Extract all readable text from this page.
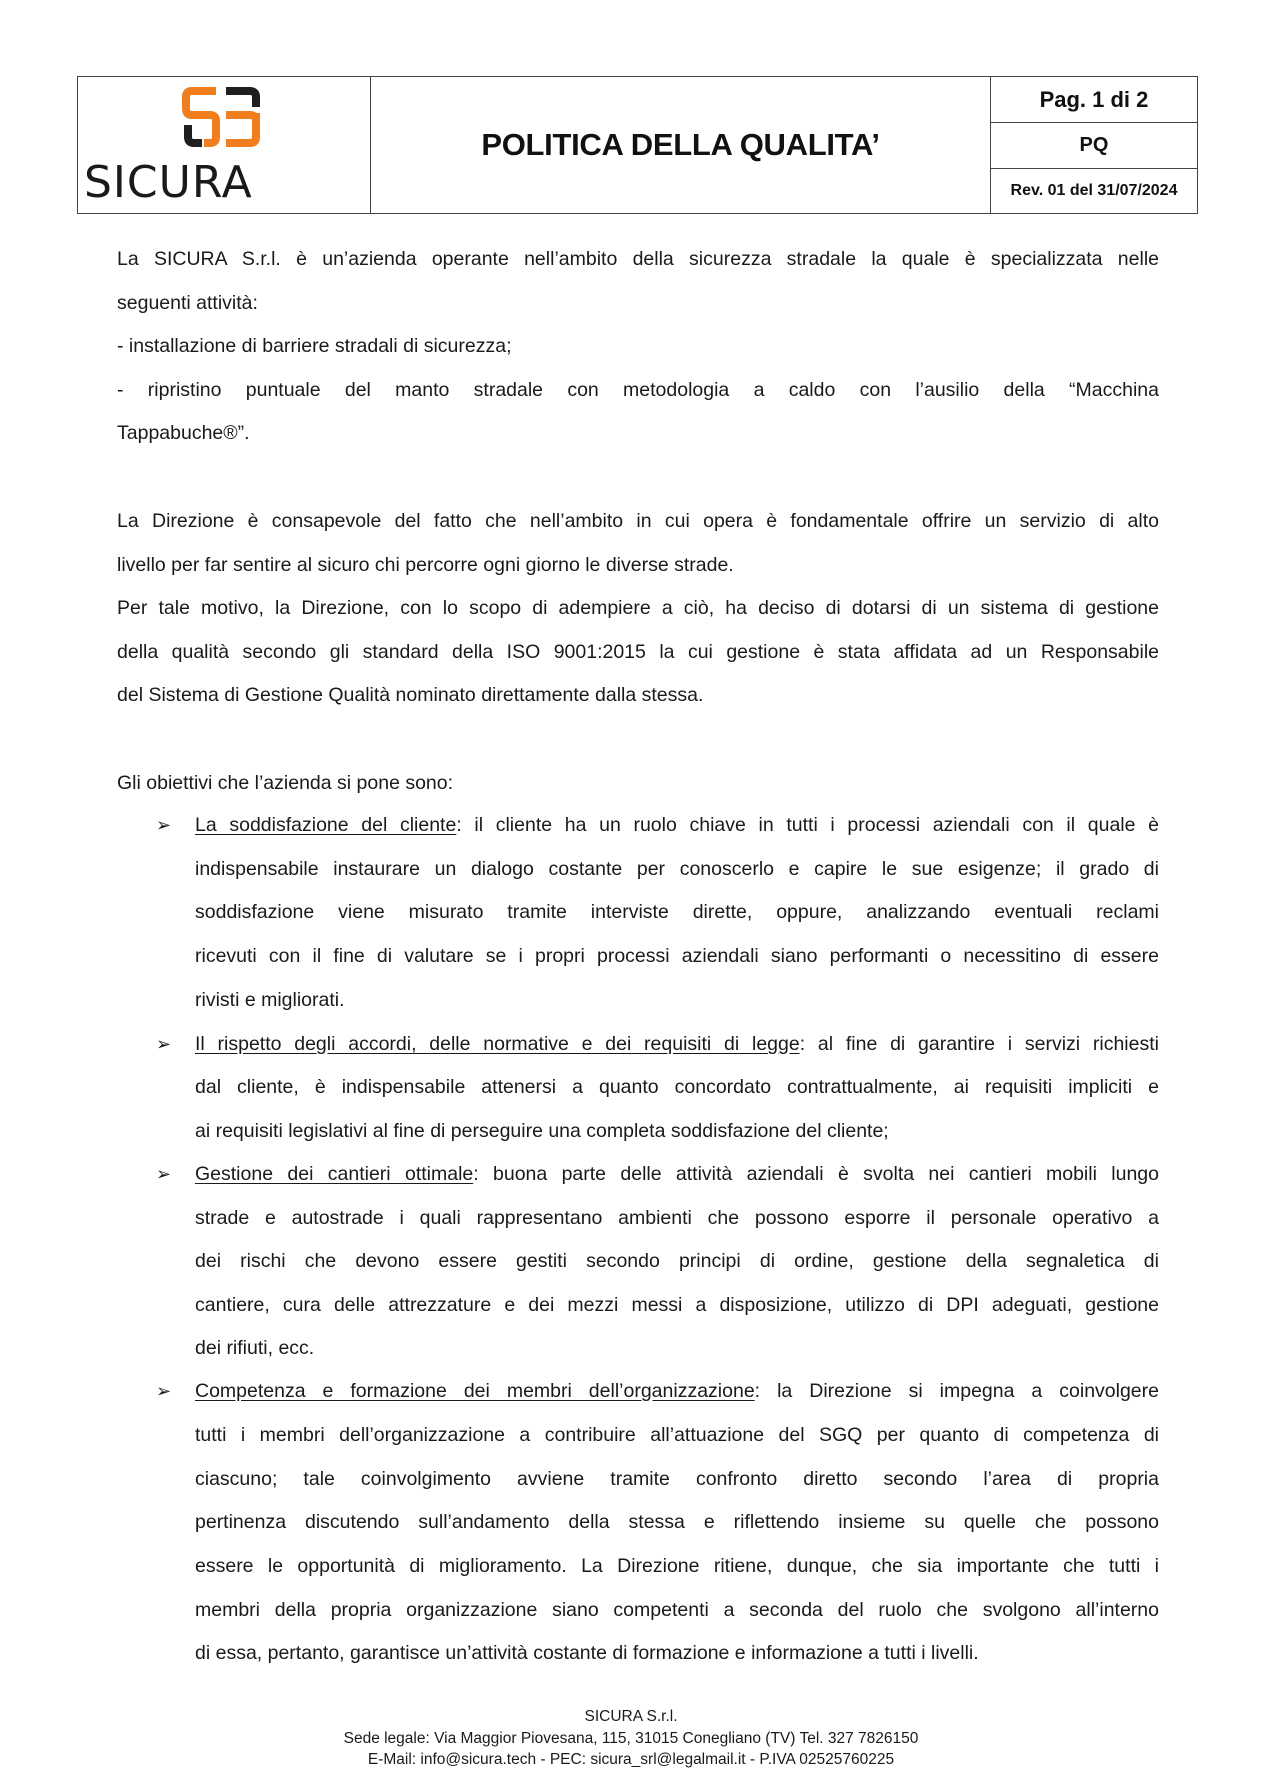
SICURA
POLITICA DELLA QUALITA’
Pag. 1 di 2
PQ
Rev. 01 del 31/07/2024
La SICURA S.r.l. è un’azienda operante nell’ambito della sicurezza stradale la quale è specializzata nelle
seguenti attività:
- installazione di barriere stradali di sicurezza;
- ripristino puntuale del manto stradale con metodologia a caldo con l’ausilio della “Macchina
Tappabuche®”.
La Direzione è consapevole del fatto che nell’ambito in cui opera è fondamentale offrire un servizio di alto
livello per far sentire al sicuro chi percorre ogni giorno le diverse strade.
Per tale motivo, la Direzione, con lo scopo di adempiere a ciò, ha deciso di dotarsi di un sistema di gestione
della qualità secondo gli standard della ISO 9001:2015 la cui gestione è stata affidata ad un Responsabile
del Sistema di Gestione Qualità nominato direttamente dalla stessa.
Gli obiettivi che l’azienda si pone sono:
➢ La soddisfazione del cliente: il cliente ha un ruolo chiave in tutti i processi aziendali con il quale è
indispensabile instaurare un dialogo costante per conoscerlo e capire le sue esigenze; il grado di
soddisfazione viene misurato tramite interviste dirette, oppure, analizzando eventuali reclami
ricevuti con il fine di valutare se i propri processi aziendali siano performanti o necessitino di essere
rivisti e migliorati.
➢ Il rispetto degli accordi, delle normative e dei requisiti di legge: al fine di garantire i servizi richiesti
dal cliente, è indispensabile attenersi a quanto concordato contrattualmente, ai requisiti impliciti e
ai requisiti legislativi al fine di perseguire una completa soddisfazione del cliente;
➢ Gestione dei cantieri ottimale: buona parte delle attività aziendali è svolta nei cantieri mobili lungo
strade e autostrade i quali rappresentano ambienti che possono esporre il personale operativo a
dei rischi che devono essere gestiti secondo principi di ordine, gestione della segnaletica di
cantiere, cura delle attrezzature e dei mezzi messi a disposizione, utilizzo di DPI adeguati, gestione
dei rifiuti, ecc.
➢ Competenza e formazione dei membri dell’organizzazione: la Direzione si impegna a coinvolgere
tutti i membri dell’organizzazione a contribuire all’attuazione del SGQ per quanto di competenza di
ciascuno; tale coinvolgimento avviene tramite confronto diretto secondo l’area di propria
pertinenza discutendo sull’andamento della stessa e riflettendo insieme su quelle che possono
essere le opportunità di miglioramento. La Direzione ritiene, dunque, che sia importante che tutti i
membri della propria organizzazione siano competenti a seconda del ruolo che svolgono all’interno
di essa, pertanto, garantisce un’attività costante di formazione e informazione a tutti i livelli.
SICURA S.r.l.
Sede legale: Via Maggior Piovesana, 115, 31015 Conegliano (TV) Tel. 327 7826150
E-Mail: info@sicura.tech - PEC: sicura_srl@legalmail.it - P.IVA 02525760225
